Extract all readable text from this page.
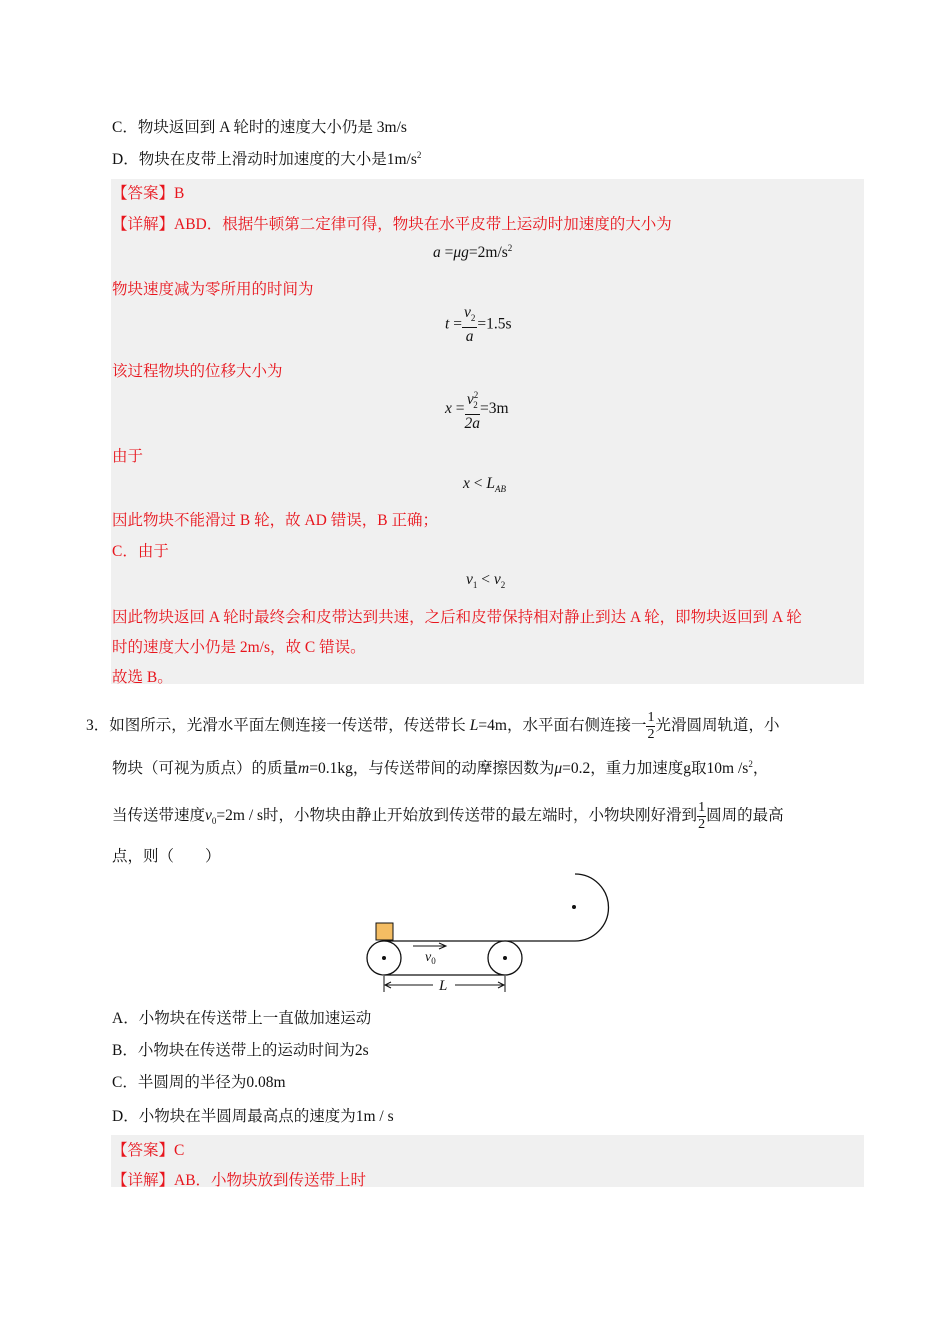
C．物块返回到 A 轮时的速度大小仍是 3m/s
D．物块在皮带上滑动时加速度的大小是$1m/s^2$
【答案】B
【详解】ABD．根据牛顿第二定律可得，物块在水平皮带上运动时加速度的大小为
$a =\mu g=2m/s^2$
物块速度减为零所用的时间为
$t = \frac{v_2}{a} =1.5s$
该过程物块的位移大小为
$x = \frac{v^2_2}{2a} =3m$
由于
$x < L_{AB}$
因此物块不能滑过 B 轮，故 AD 错误，B 正确；
C．由于
$v_1 < v_2$
因此物块返回 A 轮时最终会和皮带达到共速，之后和皮带保持相对静止到达 A 轮，即物块返回到 A 轮
时的速度大小仍是 2m/s，故 C 错误。
故选 B。
3．如图所示，光滑水平面左侧连接一传送带，传送带长 L=4m，水平面右侧连接一 $\frac{1}{2}$ 光滑圆周轨道，小
物块（可视为质点）的质量m=0.1kg，与传送带间的动摩擦因数为μ=0.2，重力加速度g取10m $/s^2$，
当传送带速度$v_0=2m / s$时，小物块由静止开始放到传送带的最左端时，小物块刚好滑到 $\frac{1}{2}$ 圆周的最高
点，则（　　）
$v_0$
L
A．小物块在传送带上一直做加速运动
B．小物块在传送带上的运动时间为2s
C．半圆周的半径为0.08m
D．小物块在半圆周最高点的速度为1m / s
【答案】C
【详解】AB．小物块放到传送带上时
